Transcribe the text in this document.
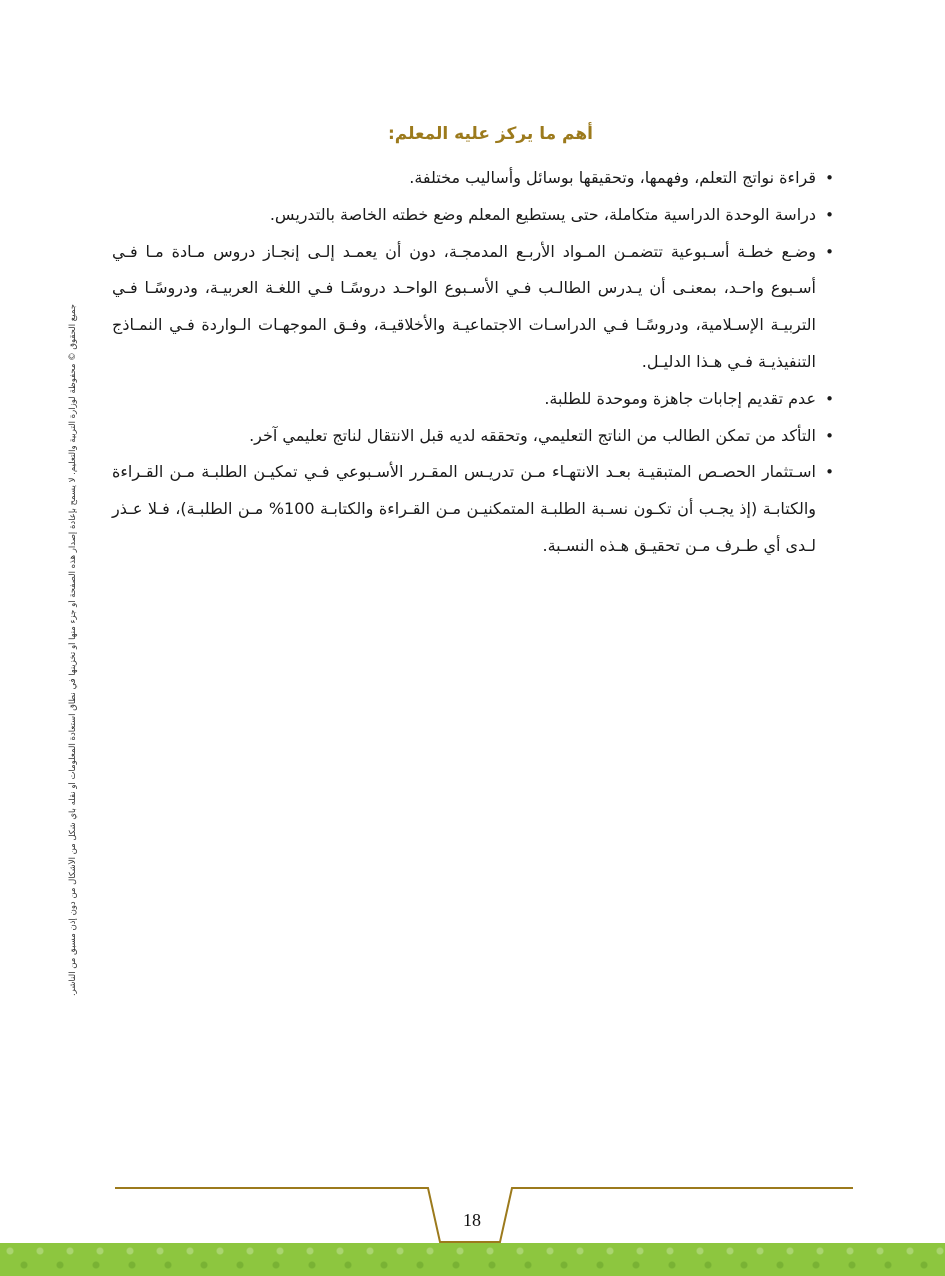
أهم ما يركز عليه المعلم:
•
قراءة نواتج التعلم، وفهمها، وتحقيقها بوسائل وأساليب مختلفة.
•
دراسة الوحدة الدراسية متكاملة، حتى يستطيع المعلم وضع خطته الخاصة بالتدريس.
•
وضـع خطـة أسـبوعية تتضمـن المـواد الأربـع المدمجـة، دون أن يعمـد إلـى إنجـاز دروس مـادة مـا فـي أسـبوع واحـد، بمعنـى أن يـدرس الطالـب فـي الأسـبوع الواحـد دروسًـا فـي اللغـة العربيـة، ودروسًـا فـي التربيـة الإسـلامية، ودروسًـا فـي الدراسـات الاجتماعيـة والأخلاقيـة، وفـق الموجهـات الـواردة فـي النمـاذج التنفيذيـة فـي هـذا الدليـل.
•
عدم تقديم إجابات جاهزة وموحدة للطلبة.
•
التأكد من تمكن الطالب من الناتج التعليمي، وتحققه لديه قبل الانتقال لناتج تعليمي آخر.
•
اسـتثمار الحصـص المتبقيـة بعـد الانتهـاء مـن تدريـس المقـرر الأسـبوعي فـي تمكيـن الطلبـة مـن القـراءة والكتابـة (إذ يجـب أن تكـون نسـبة الطلبـة المتمكنيـن مـن القـراءة والكتابـة 100% مـن الطلبـة)، فـلا عـذر لـدى أي طـرف مـن تحقيـق هـذه النسـبة.
جميع الحقوق © محفوظة لوزارة التربية والتعليم. لا يسمح بإعادة إصدار هذه الصفحة أو جزء منها أو تخزينها في نطاق استعادة المعلومات أو نقله بأي شكل من الأشكال من دون إذن مسبق من الناشر.
18
